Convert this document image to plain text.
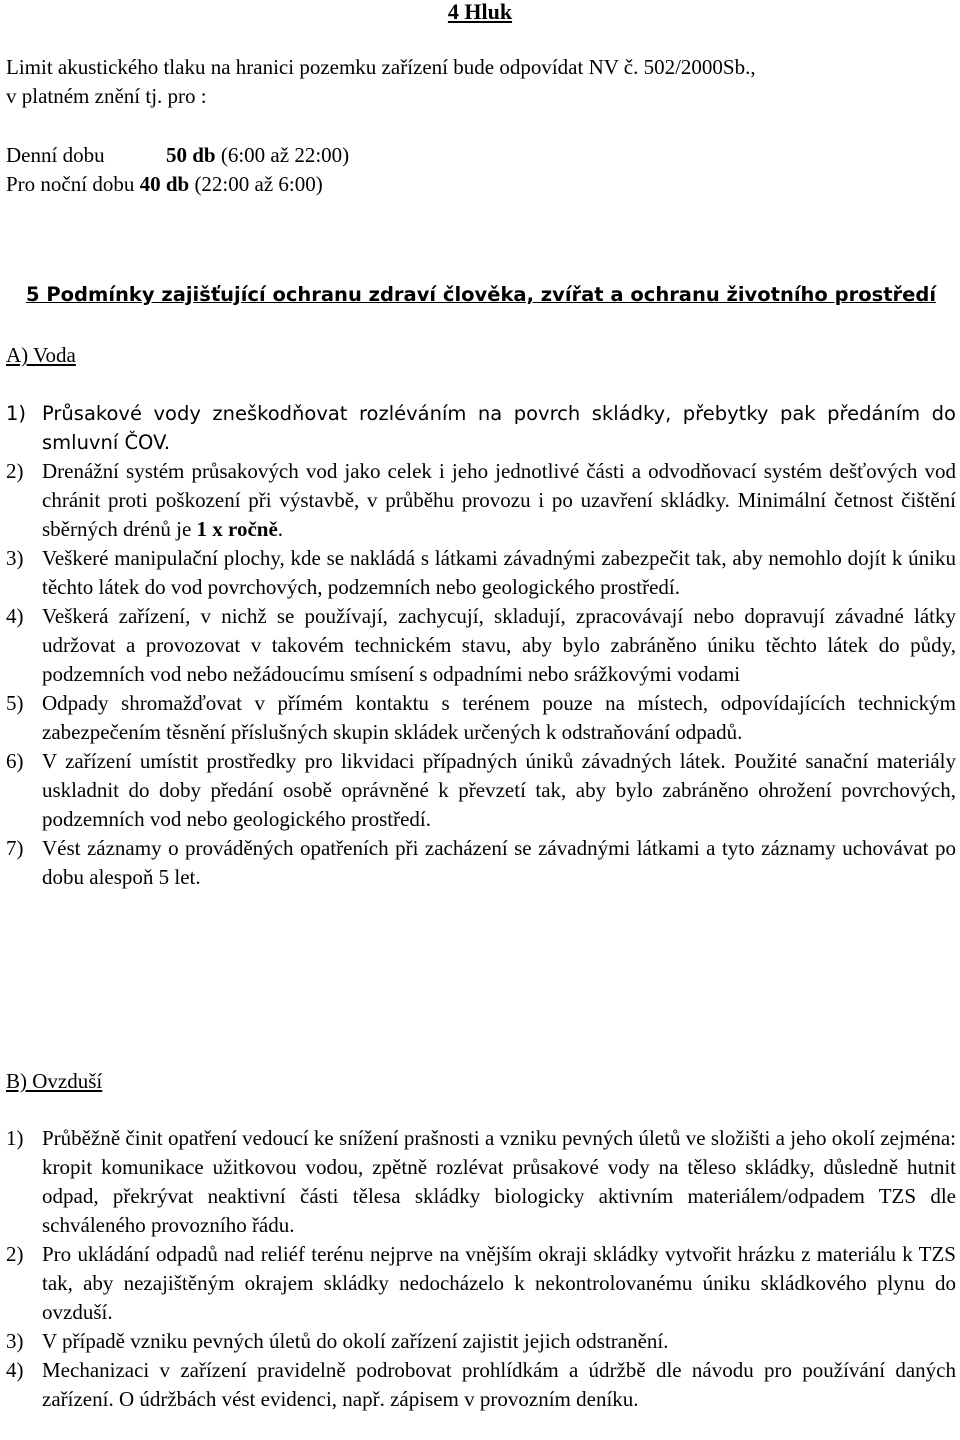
4 Hluk
Limit akustického tlaku na hranici pozemku zařízení bude odpovídat NV č. 502/2000Sb.,
v platném znění tj. pro :
Denní dobu	50 db
(6:00 až 22:00)
Pro noční dobu
40 db
(22:00 až 6:00)
5 Podmínky zajišťující ochranu zdraví člověka, zvířat a ochranu životního prostředí
A) Voda
1) Průsakové vody zneškodňovat rozléváním na povrch skládky, přebytky pak předáním do smluvní ČOV.
2) Drenážní systém průsakových vod jako celek i jeho jednotlivé části a odvodňovací systém dešťových vod chránit proti poškození při výstavbě, v průběhu provozu i po uzavření skládky. Minimální četnost čištění sběrných drénů je 1 x ročně.
3) Veškeré manipulační plochy, kde se nakládá s látkami závadnými zabezpečit tak, aby nemohlo dojít k úniku těchto látek do vod povrchových, podzemních nebo geologického prostředí.
4) Veškerá zařízení, v nichž se používají, zachycují, skladují, zpracovávají nebo dopravují závadné látky udržovat a provozovat v takovém technickém stavu, aby bylo zabráněno úniku těchto látek do půdy, podzemních vod nebo nežádoucímu smísení s odpadními nebo srážkovými vodami
5) Odpady shromažďovat v přímém kontaktu s terénem pouze na místech, odpovídajících technickým zabezpečením těsnění příslušných skupin skládek určených k odstraňování odpadů.
6) V zařízení umístit prostředky pro likvidaci případných úniků závadných látek. Použité sanační materiály uskladnit do doby předání osobě oprávněné k převzetí tak, aby bylo zabráněno ohrožení povrchových, podzemních vod nebo geologického prostředí.
7) Vést záznamy o prováděných opatřeních při zacházení se závadnými látkami a tyto záznamy uchovávat po dobu alespoň 5 let.
B) Ovzduší
1) Průběžně činit opatření vedoucí ke snížení prašnosti a vzniku pevných úletů ve složišti a jeho okolí zejména: kropit komunikace užitkovou vodou, zpětně rozlévat průsakové vody na těleso skládky, důsledně hutnit odpad, překrývat neaktivní části tělesa skládky biologicky aktivním materiálem/odpadem TZS dle schváleného provozního řádu.
2) Pro ukládání odpadů nad reliéf terénu nejprve na vnějším okraji skládky vytvořit hrázku z materiálu k TZS tak, aby nezajištěným okrajem skládky nedocházelo k nekontrolovanému úniku skládkového plynu do ovzduší.
3) V případě vzniku pevných úletů do okolí zařízení zajistit jejich odstranění.
4) Mechanizaci v zařízení pravidelně podrobovat prohlídkám a údržbě dle návodu pro používání daných zařízení. O údržbách vést evidenci, např. zápisem v provozním deníku.
